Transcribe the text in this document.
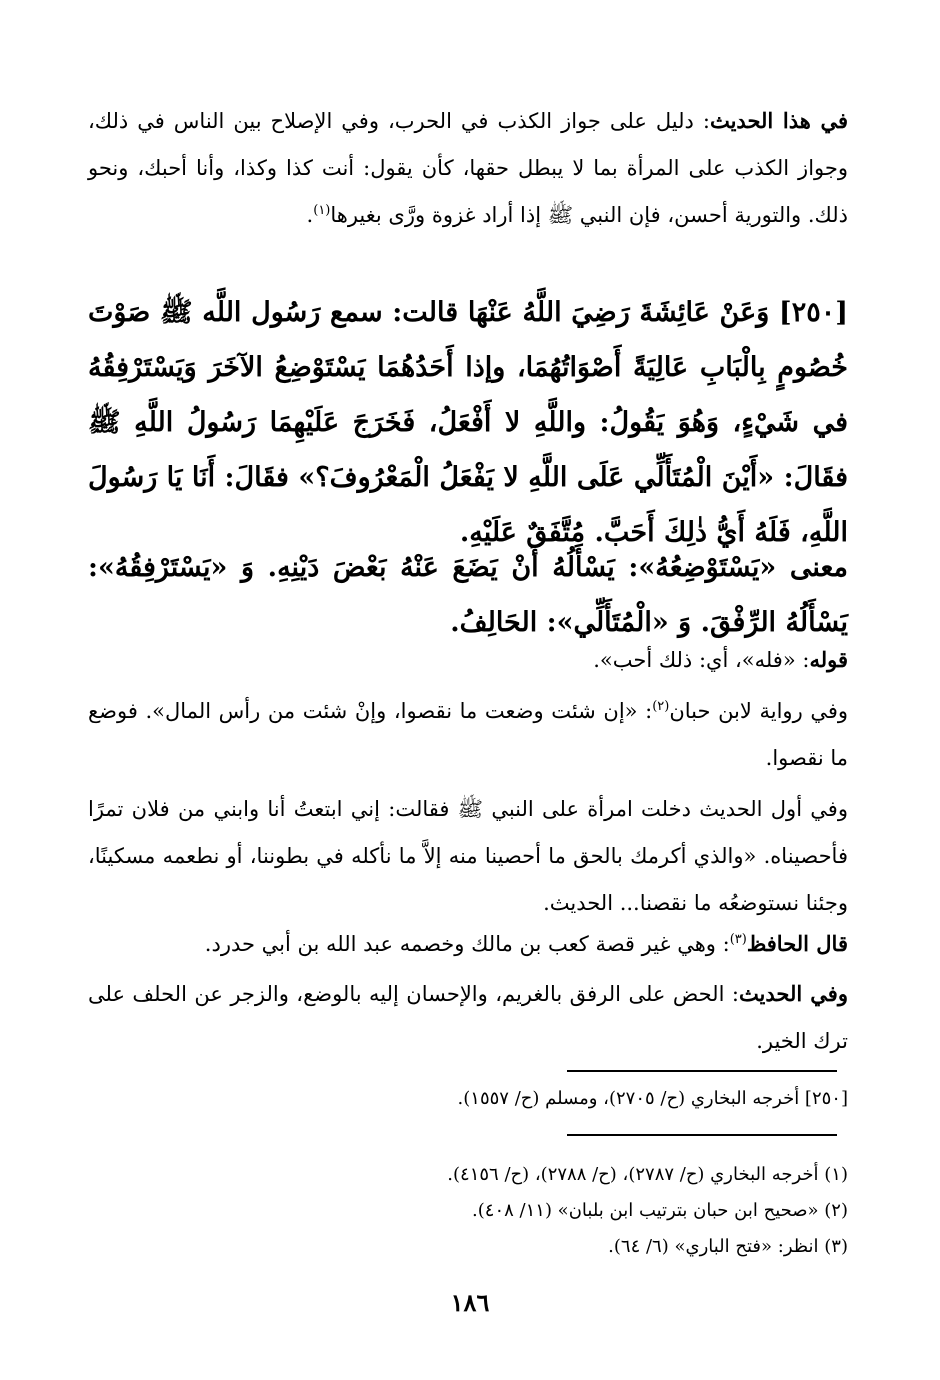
في هذا الحديث: دليل على جواز الكذب في الحرب، وفي الإصلاح بين الناس في ذلك، وجواز الكذب على المرأة بما لا يبطل حقها، كأن يقول: أنت كذا وكذا، وأنا أحبك، ونحو ذلك. والتورية أحسن، فإن النبي ﷺ إذا أراد غزوة ورَّى بغيرها$^{(١)}$.
[٢٥٠] وَعَنْ عَائِشَةَ رَضِيَ اللَّهُ عَنْهَا قالت: سمع رَسُول اللَّه ﷺ صَوْتَ خُصُومٍ بِالْبَابِ عَالِيَةً أَصْوَاتُهُمَا، وإذا أَحَدُهُمَا يَسْتَوْضِعُ الآخَرَ وَيَسْتَرْفِقُهُ في شَيْءٍ، وَهُوَ يَقُولُ: واللَّهِ لا أَفْعَلُ، فَخَرَجَ عَلَيْهِمَا رَسُولُ اللَّهِ ﷺ فقَالَ: «أَيْنَ الْمُتَأَلِّي عَلَى اللَّهِ لا يَفْعَلُ الْمَعْرُوفَ؟» فقَالَ: أَنَا يَا رَسُولَ اللَّهِ، فَلَهُ أَيُّ ذٰلِكَ أَحَبَّ. مُتَّفَقٌ عَلَيْهِ.
معنى «يَسْتَوْضِعُهُ»: يَسْأَلُهُ أَنْ يَضَعَ عَنْهُ بَعْضَ دَيْنِهِ. وَ «يَسْتَرْفِقُهُ»: يَسْأَلُهُ الرِّفْقَ. وَ «الْمُتَأَلِّي»: الحَالِفُ.
قوله: «فله»، أي: ذلك أحب».
وفي رواية لابن حبان$^{(٢)}$: «إن شئت وضعت ما نقصوا، وإنْ شئت من رأس المال». فوضع ما نقصوا.
وفي أول الحديث دخلت امرأة على النبي ﷺ فقالت: إني ابتعتُ أنا وابني من فلان تمرًا فأحصيناه. «والذي أكرمك بالحق ما أحصينا منه إلاَّ ما نأكله في بطوننا، أو نطعمه مسكينًا، وجئنا نستوضعُه ما نقصنا... الحديث.
قال الحافظ$^{(٣)}$: وهي غير قصة كعب بن مالك وخصمه عبد الله بن أبي حدرد.
وفي الحديث: الحض على الرفق بالغريم، والإحسان إليه بالوضع، والزجر عن الحلف على ترك الخير.
[٢٥٠] أخرجه البخاري (ح/ ٢٧٠٥)، ومسلم (ح/ ١٥٥٧).
(١) أخرجه البخاري (ح/ ٢٧٨٧)، (ح/ ٢٧٨٨)، (ح/ ٤١٥٦).
(٢) «صحيح ابن حبان بترتيب ابن بلبان» (١١/ ٤٠٨).
(٣) انظر: «فتح الباري» (٦/ ٦٤).
١٨٦
